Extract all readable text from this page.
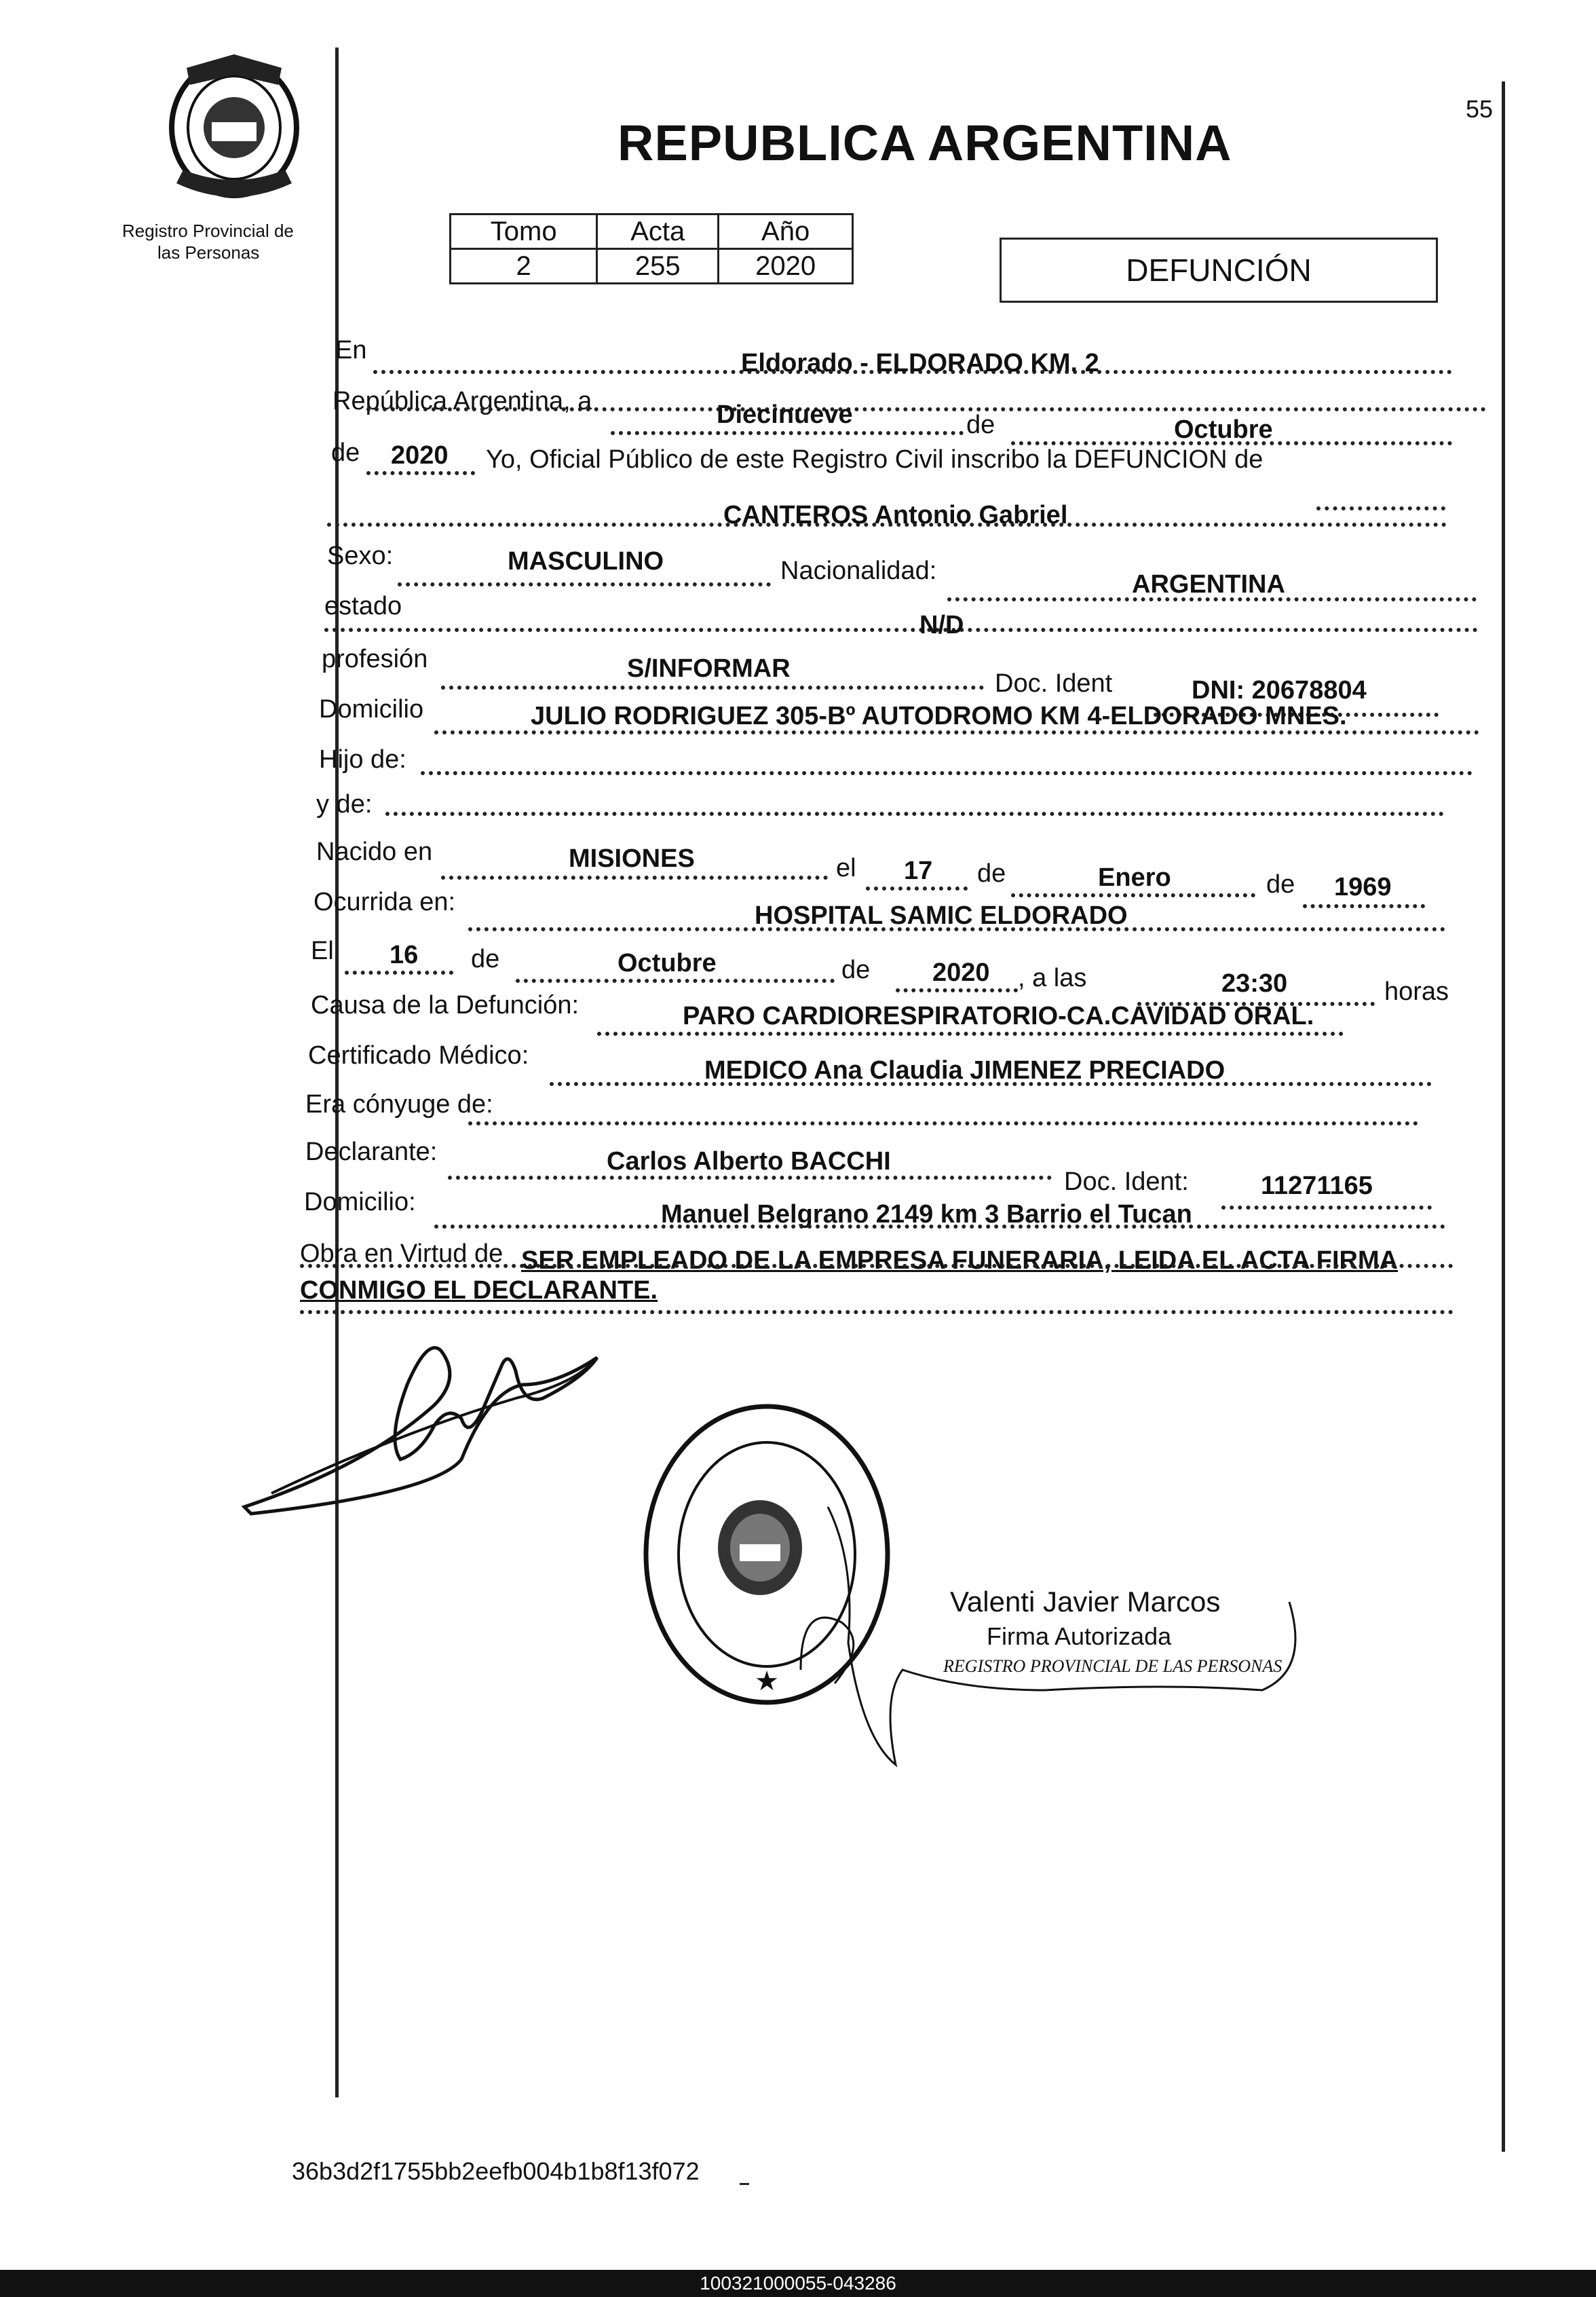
Registro Provincial de
las Personas
55
REPUBLICA ARGENTINA
Tomo	Acta	Año
2	255	2020	DEFUNCIÓN
En	Eldorado - ELDORADO KM. 2
República Argentina, a	Diecinueve	de	Octubre
de 2020 Yo, Oficial Público de este Registro Civil inscribo la DEFUNCION de
CANTEROS Antonio Gabriel
Sexo:	MASCULINO	Nacionalidad:	ARGENTINA
estado
N/D
profesión	S/INFORMAR
Doc. Ident	DNI: 20678804
Domicilio	JULIO RODRIGUEZ 305-Bº AUTODROMO KM 4-ELDORADO MNES.
Hijo de:
y de:
Nacido en	MISIONES	el 17 de	Enero	de 1969
Ocurrida en:	HOSPITAL SAMIC ELDORADO
El 16 de	Octubre	de 2020 , a las	23:30	horas
Causa de la Defunción:	PARO CARDIORESPIRATORIO-CA.CAVIDAD ORAL.
Certificado Médico:
MEDICO Ana Claudia JIMENEZ PRECIADO
Era cónyuge de:
Declarante:	Carlos Alberto BACCHI
Doc. Ident:	11271165
Domicilio:	Manuel Belgrano 2149 km 3 Barrio el Tucan
Obra en Virtud de SER EMPLEADO DE LA EMPRESA FUNERARIA, LEIDA EL ACTA FIRMA
CONMIGO EL DECLARANTE.
★
Valenti Javier Marcos
Firma Autorizada
REGISTRO PROVINCIAL DE LAS PERSONAS
36b3d2f1755bb2eefb004b1b8f13f072
100321000055-043286
